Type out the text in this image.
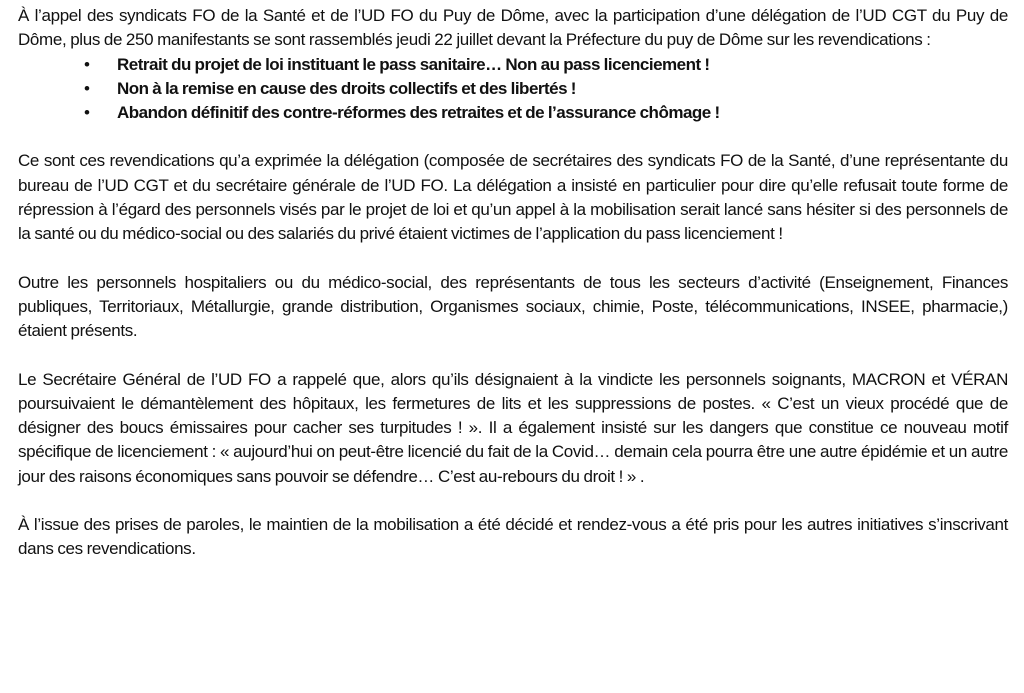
À l’appel des syndicats FO de la Santé et de l’UD FO du Puy de Dôme, avec la participation d’une délégation de l’UD CGT du Puy de Dôme, plus de 250 manifestants se sont rassemblés jeudi 22 juillet devant la Préfecture du puy de Dôme sur les revendications :

• Retrait du projet de loi instituant le pass sanitaire… Non au pass licenciement !
• Non à la remise en cause des droits collectifs et des libertés !
• Abandon définitif des contre-réformes des retraites et de l’assurance chômage !

Ce sont ces revendications qu’a exprimée la délégation (composée de secrétaires des syndicats FO de la Santé, d’une représentante du bureau de l’UD CGT et du secrétaire générale de l’UD FO. La délégation a insisté en particulier pour dire qu’elle refusait toute forme de répression à l’égard des personnels visés par le projet de loi et qu’un appel à la mobilisation serait lancé sans hésiter si des personnels de la santé ou du médico-social ou des salariés du privé étaient victimes de l’application du pass licenciement !

Outre les personnels hospitaliers ou du médico-social, des représentants de tous les secteurs d’activité (Enseignement, Finances publiques, Territoriaux, Métallurgie, grande distribution, Organismes sociaux, chimie, Poste, télécommunications, INSEE, pharmacie,) étaient présents.

Le Secrétaire Général de l’UD FO a rappelé que, alors qu’ils désignaient à la vindicte les personnels soignants, MACRON et VÉRAN poursuivaient le démantèlement des hôpitaux, les fermetures de lits et les suppressions de postes. « C’est un vieux procédé que de désigner des boucs émissaires pour cacher ses turpitudes ! ». Il a également insisté sur les dangers que constitue ce nouveau motif spécifique de licenciement : « aujourd’hui on peut-être licencié du fait de la Covid… demain cela pourra être une autre épidémie et un autre jour des raisons économiques sans pouvoir se défendre… C’est au-rebours du droit ! » .

À l’issue des prises de paroles, le maintien de la mobilisation a été décidé et rendez-vous a été pris pour les autres initiatives s’inscrivant dans ces revendications.
